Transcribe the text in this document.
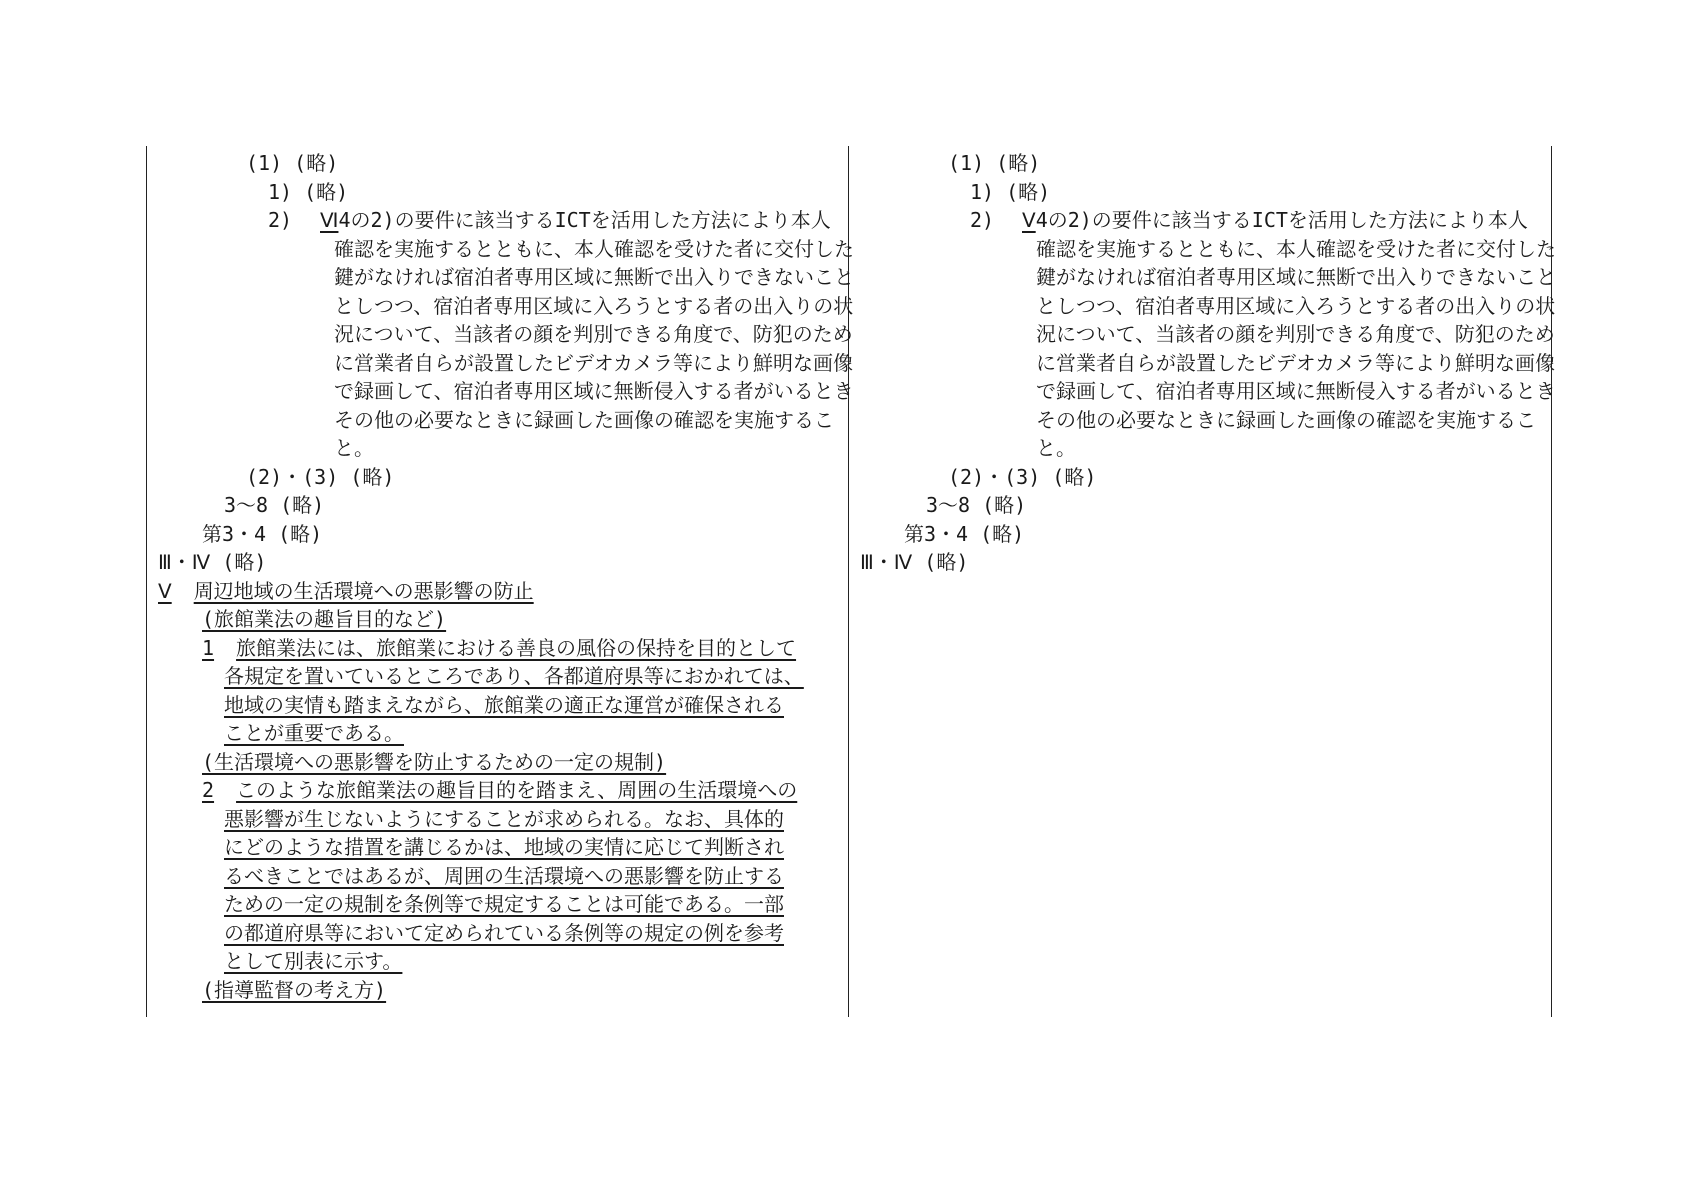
(1) (略)
1) (略)
2) Ⅵ4の2)の要件に該当するICTを活用した方法により本人
確認を実施するとともに、本人確認を受けた者に交付した
鍵がなければ宿泊者専用区域に無断で出入りできないこと
としつつ、宿泊者専用区域に入ろうとする者の出入りの状
況について、当該者の顔を判別できる角度で、防犯のため
に営業者自らが設置したビデオカメラ等により鮮明な画像
で録画して、宿泊者専用区域に無断侵入する者がいるとき
その他の必要なときに録画した画像の確認を実施するこ
と。
(2)・(3) (略)
3～8 (略)
第3・4 (略)
Ⅲ・Ⅳ (略)
Ⅴ 周辺地域の生活環境への悪影響の防止
(旅館業法の趣旨目的など)
1 旅館業法には、旅館業における善良の風俗の保持を目的として
各規定を置いているところであり、各都道府県等におかれては、
地域の実情も踏まえながら、旅館業の適正な運営が確保される
ことが重要である。
(生活環境への悪影響を防止するための一定の規制)
2 このような旅館業法の趣旨目的を踏まえ、周囲の生活環境への
悪影響が生じないようにすることが求められる。なお、具体的
にどのような措置を講じるかは、地域の実情に応じて判断され
るべきことではあるが、周囲の生活環境への悪影響を防止する
ための一定の規制を条例等で規定することは可能である。一部
の都道府県等において定められている条例等の規定の例を参考
として別表に示す。
(指導監督の考え方)
(1) (略)
1) (略)
2) Ⅴ4の2)の要件に該当するICTを活用した方法により本人
確認を実施するとともに、本人確認を受けた者に交付した
鍵がなければ宿泊者専用区域に無断で出入りできないこと
としつつ、宿泊者専用区域に入ろうとする者の出入りの状
況について、当該者の顔を判別できる角度で、防犯のため
に営業者自らが設置したビデオカメラ等により鮮明な画像
で録画して、宿泊者専用区域に無断侵入する者がいるとき
その他の必要なときに録画した画像の確認を実施するこ
と。
(2)・(3) (略)
3～8 (略)
第3・4 (略)
Ⅲ・Ⅳ (略)
